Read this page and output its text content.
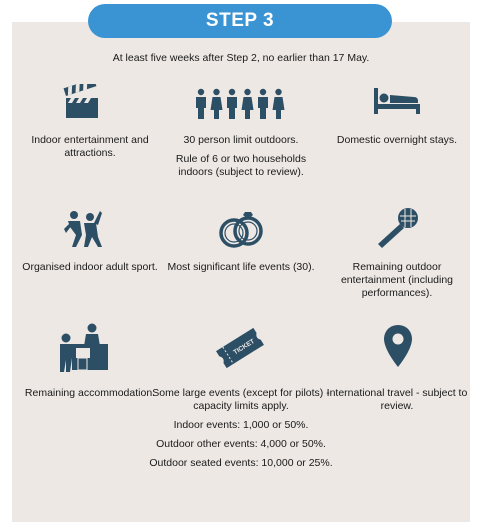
STEP 3
At least five weeks after Step 2, no earlier than 17 May.
TICKET

Indoor entertainment and attractions.

30 person limit outdoors.

Rule of 6 or two households indoors (subject to review).

Domestic overnight stays.

Organised indoor adult sport. Most significant life events (30).	Remaining outdoor entertainment (including performances).

Remaining accommodation.

Some large events (except for pilots) - capacity limits apply.

Indoor events: 1,000 or 50%.

Outdoor other events: 4,000 or 50%.

Outdoor seated events: 10,000 or 25%.

International travel - subject to review.
